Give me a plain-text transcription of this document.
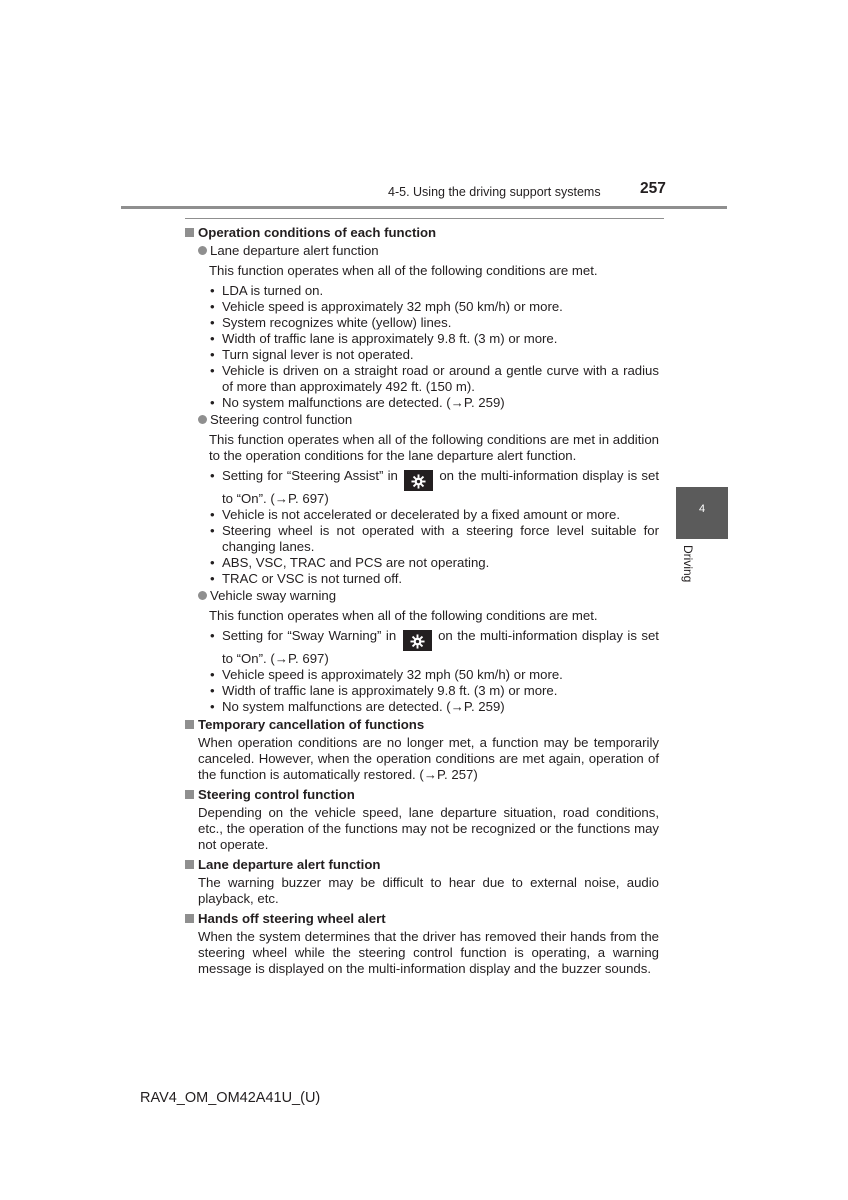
4-5. Using the driving support systems	257
4
Driving
Operation conditions of each function
Lane departure alert function

This function operates when all of the following conditions are met.

• LDA is turned on.
• Vehicle speed is approximately 32 mph (50 km/h) or more.
• System recognizes white (yellow) lines.
• Width of traffic lane is approximately 9.8 ft. (3 m) or more.
• Turn signal lever is not operated.
• Vehicle is driven on a straight road or around a gentle curve with a radius of more than approximately 492 ft. (150 m).
• No system malfunctions are detected. (→P. 259)
Steering control function

This function operates when all of the following conditions are met in addition to the operation conditions for the lane departure alert function.

• Setting for “Steering Assist” in	on the multi-information display is set to “On”. (→P. 697)
• Vehicle is not accelerated or decelerated by a fixed amount or more.
• Steering wheel is not operated with a steering force level suitable for changing lanes.
• ABS, VSC, TRAC and PCS are not operating.
• TRAC or VSC is not turned off.
Vehicle sway warning

This function operates when all of the following conditions are met.

• Setting for “Sway Warning” in	on the multi-information display is set to “On”. (→P. 697)
• Vehicle speed is approximately 32 mph (50 km/h) or more.
• Width of traffic lane is approximately 9.8 ft. (3 m) or more.
• No system malfunctions are detected. (→P. 259)
Temporary cancellation of functions

When operation conditions are no longer met, a function may be temporarily canceled. However, when the operation conditions are met again, operation of the function is automatically restored. (→P. 257)

Steering control function

Depending on the vehicle speed, lane departure situation, road conditions, etc., the operation of the functions may not be recognized or the functions may not operate.

Lane departure alert function

The warning buzzer may be difficult to hear due to external noise, audio playback, etc.

Hands off steering wheel alert

When the system determines that the driver has removed their hands from the steering wheel while the steering control function is operating, a warning message is displayed on the multi-information display and the buzzer sounds.

RAV4_OM_OM42A41U_(U)
